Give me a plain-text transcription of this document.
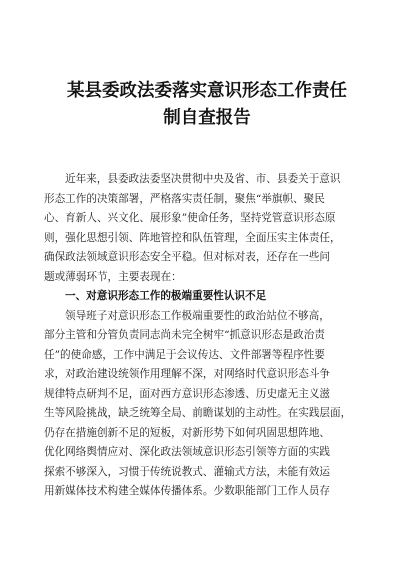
某县委政法委落实意识形态工作责任
制自查报告
近年来，县委政法委坚决贯彻中央及省、市、县委关于意识
形态工作的决策部署，严格落实责任制，聚焦“举旗帜、聚民
心、育新人、兴文化、展形象”使命任务，坚持党管意识形态原
则，强化思想引领、阵地管控和队伍管理，全面压实主体责任，
确保政法领域意识形态安全平稳。但对标对表，还存在一些问
题或薄弱环节，主要表现在：
一、对意识形态工作的极端重要性认识不足
领导班子对意识形态工作极端重要性的政治站位不够高，
部分主管和分管负责同志尚未完全树牢“抓意识形态是政治责
任”的使命感，工作中满足于会议传达、文件部署等程序性要
求，对政治建设统领作用理解不深，对网络时代意识形态斗争
规律特点研判不足，面对西方意识形态渗透、历史虚无主义滋
生等风险挑战，缺乏统筹全局、前瞻谋划的主动性。在实践层面，
仍存在措施创新不足的短板，对新形势下如何巩固思想阵地、
优化网络舆情应对、深化政法领域意识形态引领等方面的实践
探索不够深入，习惯于传统说教式、灌输式方法，未能有效运
用新媒体技术构建全媒体传播体系。少数职能部门工作人员存
